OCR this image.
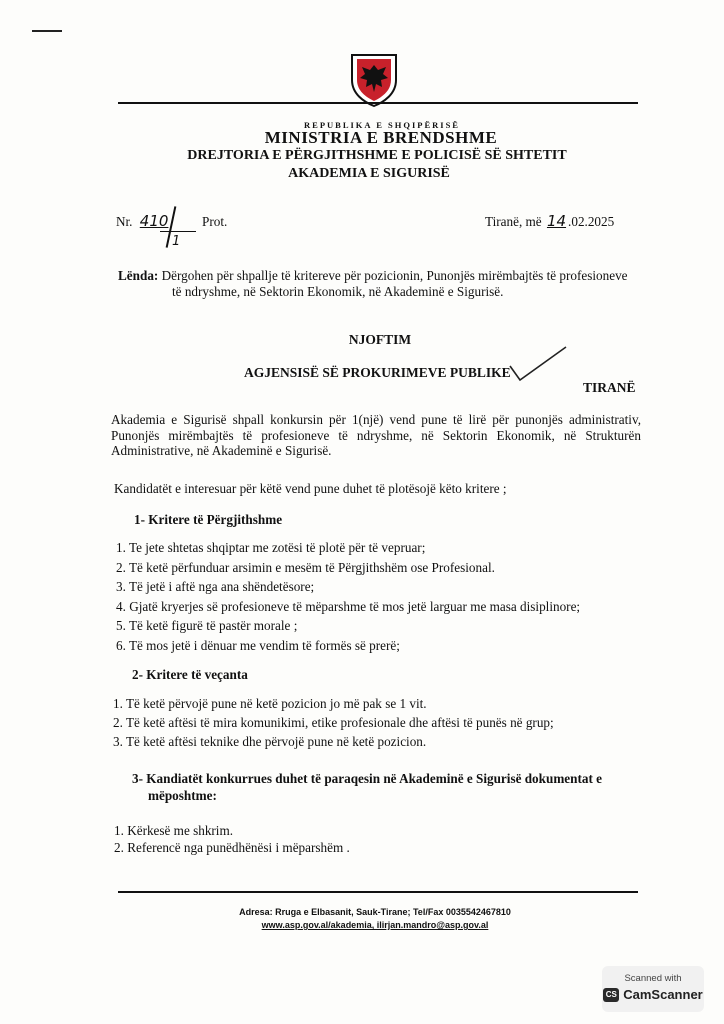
REPUBLIKA E SHQIPËRISË
MINISTRIA E BRENDSHME
DREJTORIA E PËRGJITHSHME E POLICISË SË SHTETIT
AKADEMIA E SIGURISË
Nr. 410
1
Prot.	Tiranë, më 14 .02.2025
Lënda: Dërgohen për shpallje të kritereve për pozicionin, Punonjës mirëmbajtës të profesioneve
të ndryshme, në Sektorin Ekonomik, në Akademinë e Sigurisë.
NJOFTIM
AGJENSISË SË PROKURIMEVE PUBLIKE
TIRANË
Akademia e Sigurisë shpall konkursin për 1(një) vend pune të lirë për punonjës administrativ,
Punonjës mirëmbajtës të profesioneve të ndryshme, në Sektorin Ekonomik, në Strukturën
Administrative, në Akademinë e Sigurisë.
Kandidatët e interesuar për këtë vend pune duhet të plotësojë këto kritere ;
1- Kritere të Përgjithshme
1. Te jete shtetas shqiptar me zotësi të plotë për të vepruar;
2. Të ketë përfunduar arsimin e mesëm të Përgjithshëm ose Profesional.
3. Të jetë i aftë nga ana shëndetësore;
4. Gjatë kryerjes së profesioneve të mëparshme të mos jetë larguar me masa disiplinore;
5. Të ketë figurë të pastër morale ;
6. Të mos jetë i dënuar me vendim të formës së prerë;
2- Kritere të veçanta
1. Të ketë përvojë pune në ketë pozicion jo më pak se 1 vit.
2. Të ketë aftësi të mira komunikimi, etike profesionale dhe aftësi të punës në grup;
3. Të ketë aftësi teknike dhe përvojë pune në ketë pozicion.
3- Kandiatët konkurrues duhet të paraqesin në Akademinë e Sigurisë dokumentat e
mëposhtme:
1. Kërkesë me shkrim.
2. Referencë nga punëdhënësi i mëparshëm .
Adresa: Rruga e Elbasanit, Sauk-Tirane; Tel/Fax 0035542467810
www.asp.gov.al/akademia, ilirjan.mandro@asp.gov.al
Scanned with
CS CamScanner
